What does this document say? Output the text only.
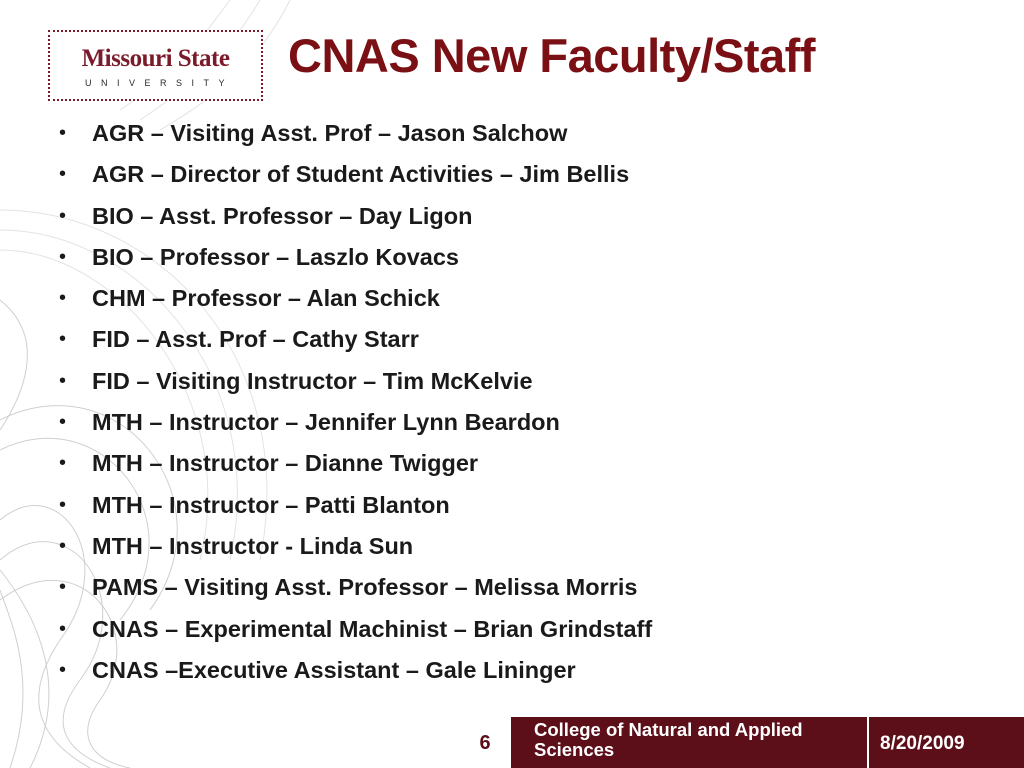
Missouri State
UNIVERSITY
CNAS New Faculty/Staff
• AGR – Visiting Asst. Prof – Jason Salchow
• AGR – Director of Student Activities – Jim Bellis
• BIO – Asst. Professor – Day Ligon
• BIO – Professor – Laszlo Kovacs
• CHM – Professor – Alan Schick
• FID – Asst. Prof – Cathy Starr
• FID – Visiting Instructor – Tim McKelvie
• MTH – Instructor – Jennifer Lynn Beardon
• MTH – Instructor – Dianne Twigger
• MTH – Instructor – Patti Blanton
• MTH – Instructor - Linda Sun
• PAMS – Visiting Asst. Professor – Melissa Morris
• CNAS – Experimental Machinist – Brian Grindstaff
• CNAS –Executive Assistant – Gale Lininger
6
College of Natural and Applied Sciences	8/20/2009
